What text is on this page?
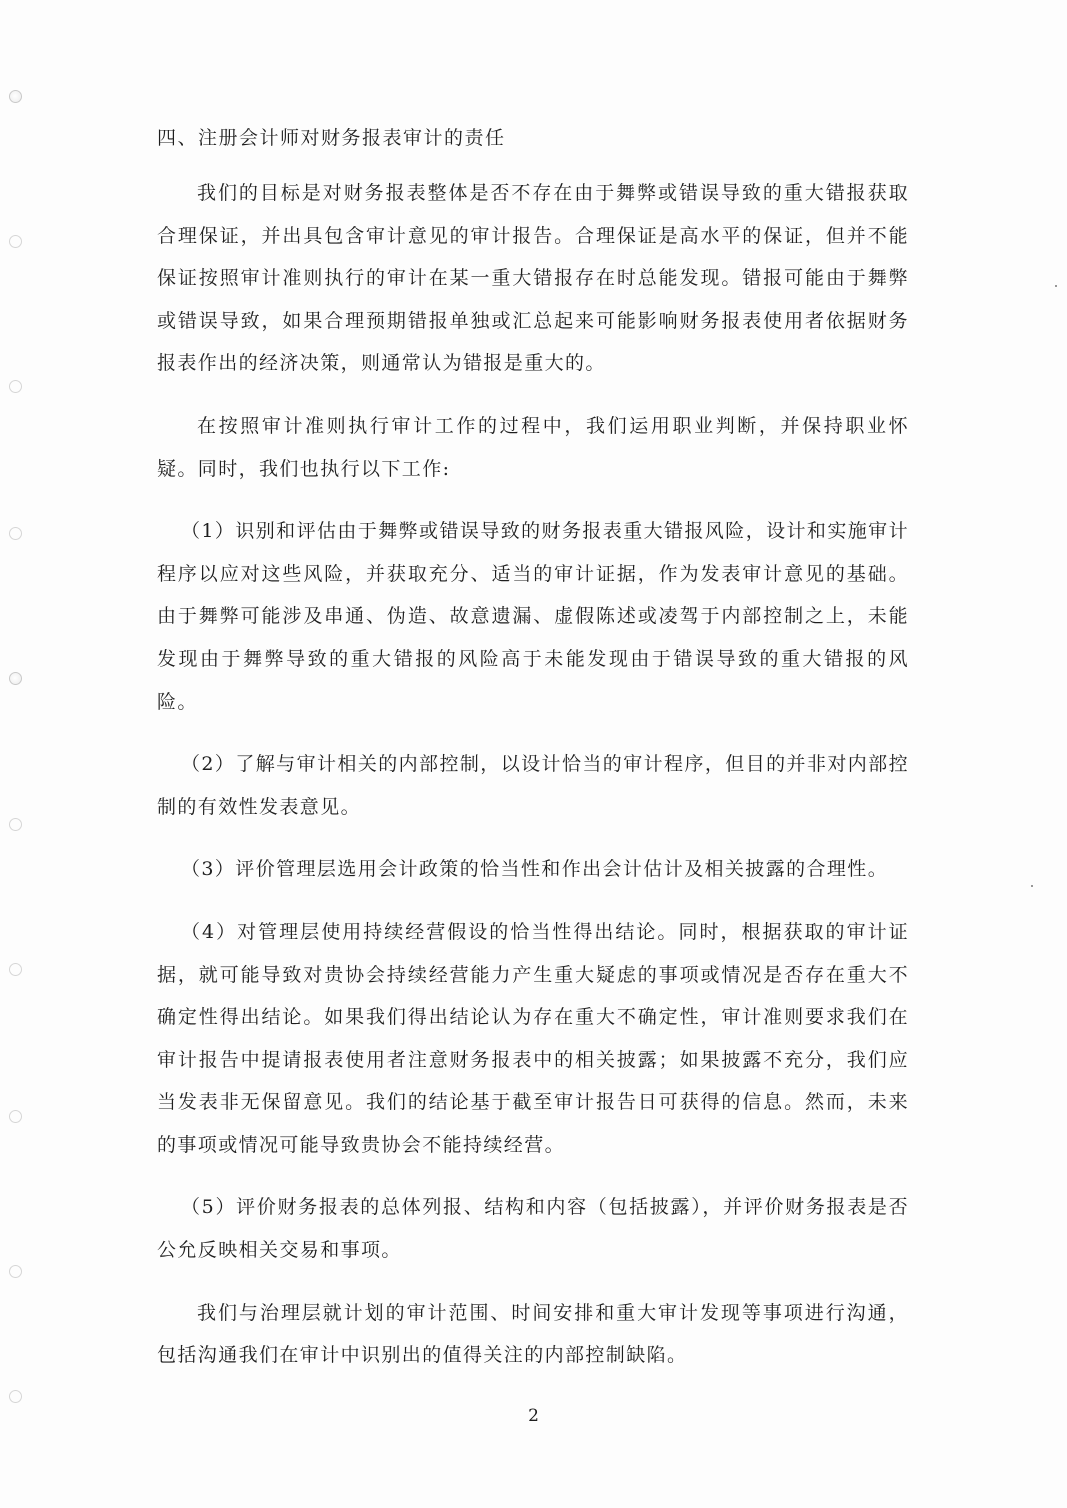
四、注册会计师对财务报表审计的责任

我们的目标是对财务报表整体是否不存在由于舞弊或错误导致的重大错报获取合理保证，并出具包含审计意见的审计报告。合理保证是高水平的保证，但并不能保证按照审计准则执行的审计在某一重大错报存在时总能发现。错报可能由于舞弊或错误导致，如果合理预期错报单独或汇总起来可能影响财务报表使用者依据财务报表作出的经济决策，则通常认为错报是重大的。

在按照审计准则执行审计工作的过程中，我们运用职业判断，并保持职业怀疑。同时，我们也执行以下工作:

（1）识别和评估由于舞弊或错误导致的财务报表重大错报风险，设计和实施审计程序以应对这些风险，并获取充分、适当的审计证据，作为发表审计意见的基础。由于舞弊可能涉及串通、伪造、故意遗漏、虚假陈述或凌驾于内部控制之上，未能发现由于舞弊导致的重大错报的风险高于未能发现由于错误导致的重大错报的风险。

（2）了解与审计相关的内部控制，以设计恰当的审计程序，但目的并非对内部控制的有效性发表意见。

（3）评价管理层选用会计政策的恰当性和作出会计估计及相关披露的合理性。

（4）对管理层使用持续经营假设的恰当性得出结论。同时，根据获取的审计证据，就可能导致对贵协会持续经营能力产生重大疑虑的事项或情况是否存在重大不确定性得出结论。如果我们得出结论认为存在重大不确定性，审计准则要求我们在审计报告中提请报表使用者注意财务报表中的相关披露；如果披露不充分，我们应当发表非无保留意见。我们的结论基于截至审计报告日可获得的信息。然而，未来的事项或情况可能导致贵协会不能持续经营。

（5）评价财务报表的总体列报、结构和内容（包括披露），并评价财务报表是否公允反映相关交易和事项。

我们与治理层就计划的审计范围、时间安排和重大审计发现等事项进行沟通，包括沟通我们在审计中识别出的值得关注的内部控制缺陷。

2
